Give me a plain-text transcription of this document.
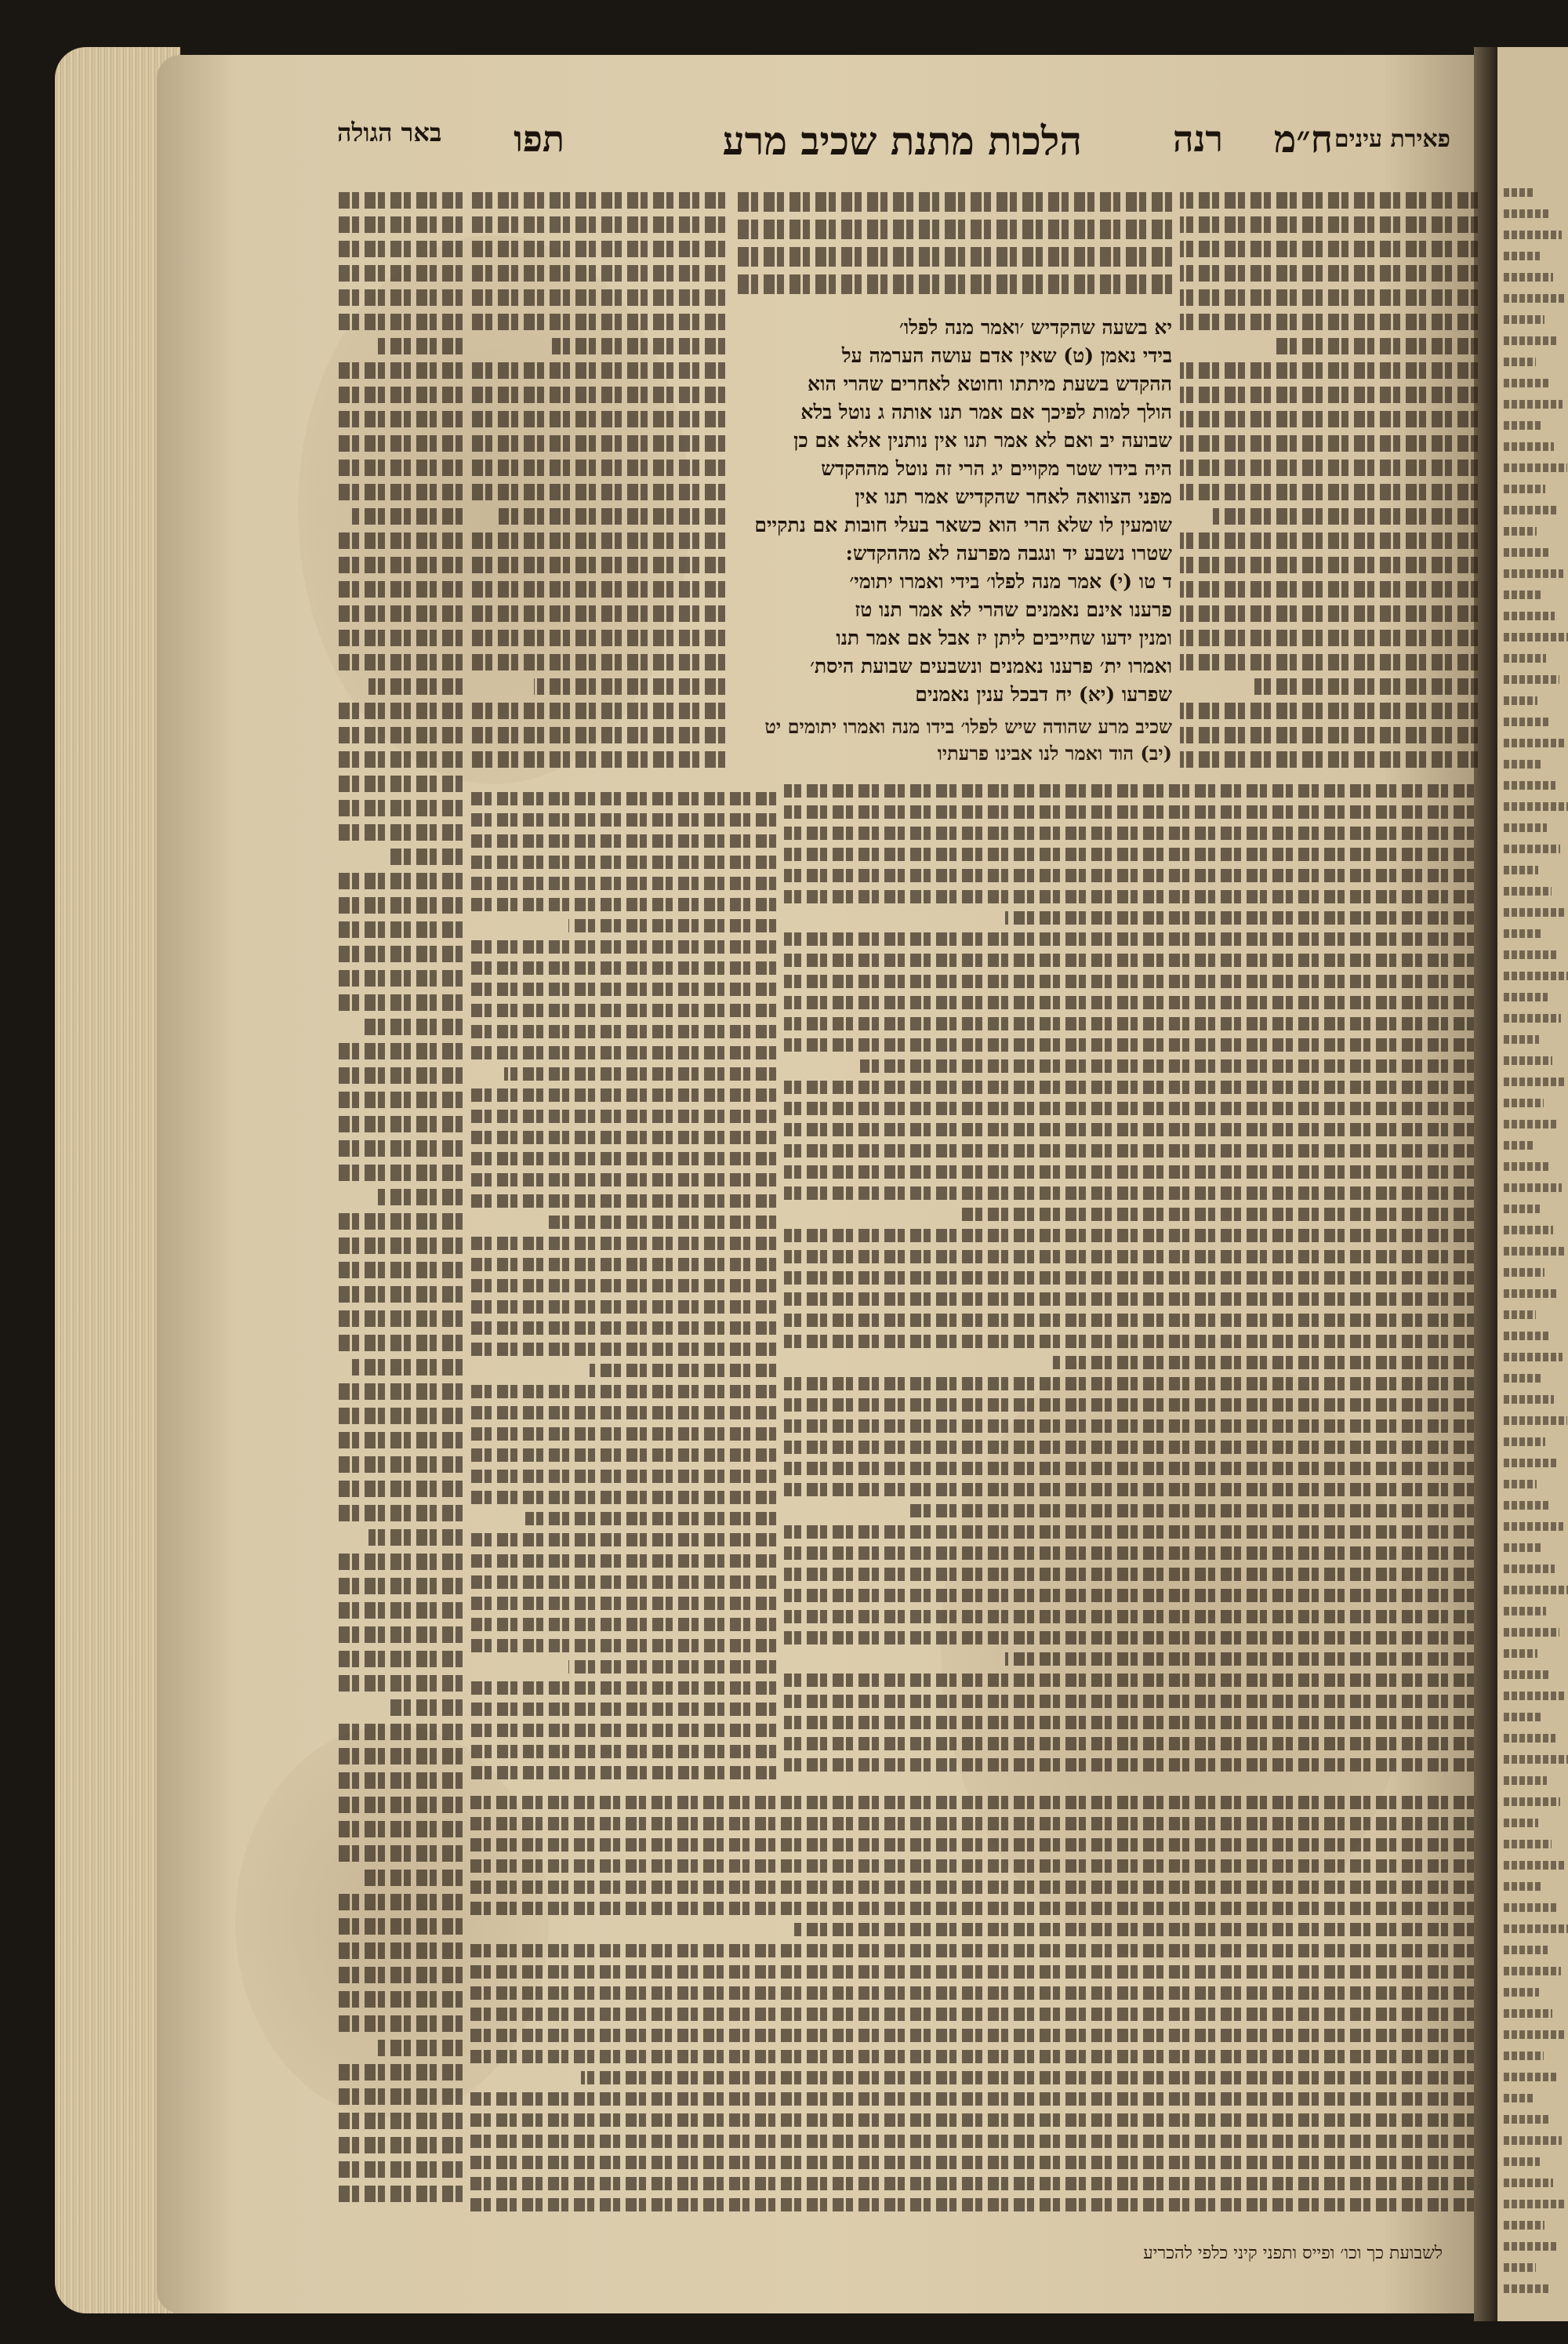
פאירת עינים
ח״מ
רנה
הלכות מתנת שכיב מרע
תפו
באר הגולה
יא בשעה שהקדיש ׳ואמר מנה לפלו׳
בידי נאמן (ט) שאין אדם עושה הערמה על
ההקדש בשעת מיתתו וחוטא לאחרים שהרי הוא
הולך למות לפיכך אם אמר תנו אותה ג נוטל בלא
שבועה יב ואם לא אמר תנו אין נותנין אלא אם כן
היה בידו שטר מקויים יג הרי זה נוטל מההקדש
מפני הצוואה לאחר שהקדיש אמר תנו אין
שומעין לו שלא הרי הוא כשאר בעלי חובות אם נתקיים
שטרו נשבע יד ונגבה מפרעה לא מההקדש:
ד טו (י) אמר מנה לפלו׳ בידי ואמרו יתומי׳
פרענו אינם נאמנים שהרי לא אמר תנו טז
ומנין ידעו שחייבים ליתן יז אבל אם אמר תנו
ואמרו ית׳ פרענו נאמנים ונשבעים שבועת היסת׳
שפרעו (יא) יח דבכל ענין נאמנים
שכיב מרע שהודה שיש לפלו׳ בידו מנה ואמרו יתומים יט (יב) הוד ואמר לנו אבינו פרעתיו
לשבועת כך וכו׳ ופייס ותפני קיני כלפי להכריע
